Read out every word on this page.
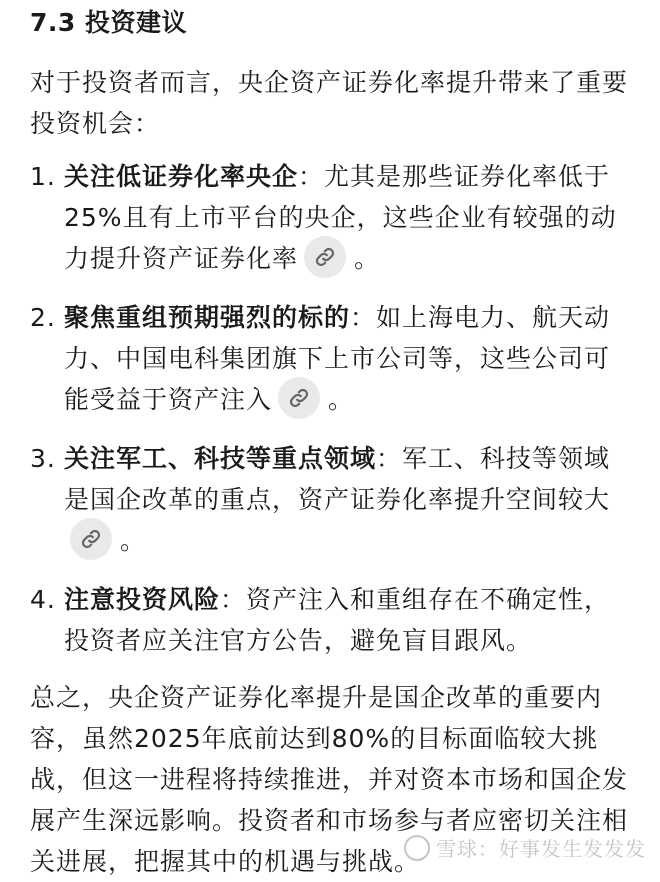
7.3 投资建议

对于投资者而言，央企资产证券化率提升带来了重要投资机会：

1. 关注低证券化率央企：尤其是那些证券化率低于25%且有上市平台的央企，这些企业有较强的动力提升资产证券化率 。
2. 聚焦重组预期强烈的标的：如上海电力、航天动力、中国电科集团旗下上市公司等，这些公司可能受益于资产注入 。
3. 关注军工、科技等重点领域：军工、科技等领域是国企改革的重点，资产证券化率提升空间较大
。
4. 注意投资风险：资产注入和重组存在不确定性，投资者应关注官方公告，避免盲目跟风。

总之，央企资产证券化率提升是国企改革的重要内容，虽然2025年底前达到80%的目标面临较大挑战，但这一进程将持续推进，并对资本市场和国企发展产生深远影响。投资者和市场参与者应密切关注相关进展，把握其中的机遇与挑战。 雪球：好事发生发发发
